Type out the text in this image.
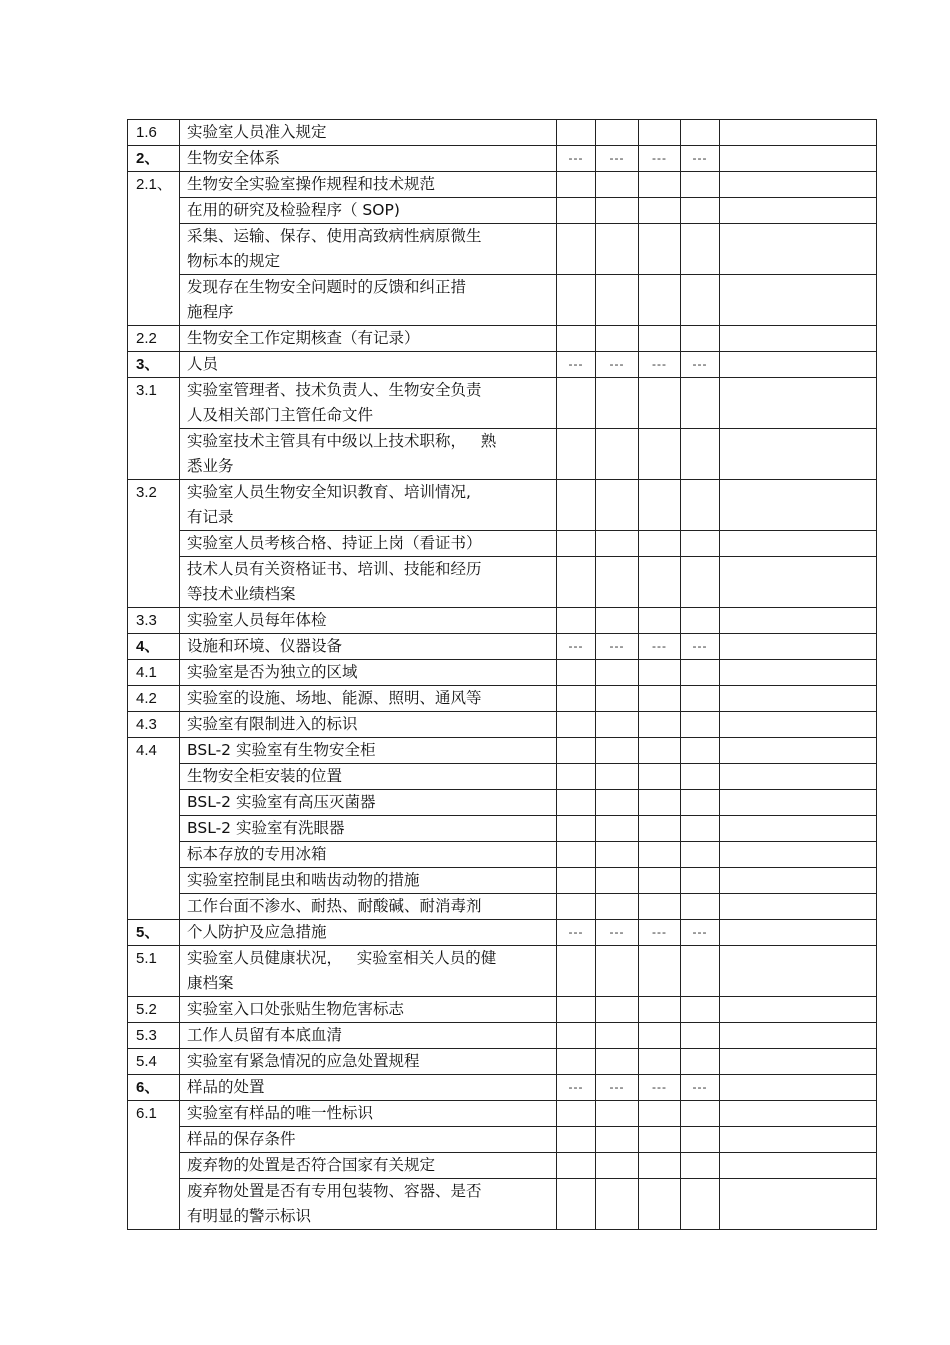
1.6	实验室人员准入规定					
2、	生物安全体系	---	---	---	---	
2.1、	生物安全实验室操作规程和技术规范					
	在用的研究及检验程序（ SOP)					

	采集、运输、保存、使用高致病性病原微生
物标本的规定					

	发现存在生物安全问题时的反馈和纠正措
施程序					

2.2	生物安全工作定期核查（有记录）					
3、	人员	---	---	---	---	
3.1	实验室管理者、技术负责人、生物安全负责
人及相关部门主管任命文件					

	实验室技术主管具有中级以上技术职称，   熟
悉业务					

3.2	实验室人员生物安全知识教育、培训情况,
有记录					

	实验室人员考核合格、持证上岗（看证书）					

	技术人员有关资格证书、培训、技能和经历
等技术业绩档案					

3.3	实验室人员每年体检					
4、	设施和环境、仪器设备	---	---	---	---	
4.1	实验室是否为独立的区域					
4.2	实验室的设施、场地、能源、照明、通风等					
4.3	实验室有限制进入的标识					
4.4	BSL-2 实验室有生物安全柜					
	生物安全柜安装的位置					
	BSL-2 实验室有高压灭菌器					
	BSL-2 实验室有洗眼器					
	标本存放的专用冰箱					
	实验室控制昆虫和啮齿动物的措施					
	工作台面不渗水、耐热、耐酸碱、耐消毒剂					
5、	个人防护及应急措施	---	---	---	---	
5.1	实验室人员健康状况，   实验室相关人员的健
康档案					

5.2	实验室入口处张贴生物危害标志					
5.3	工作人员留有本底血清					
5.4	实验室有紧急情况的应急处置规程					
6、	样品的处置	---	---	---	---	
6.1	实验室有样品的唯一性标识					
	样品的保存条件					
	废弃物的处置是否符合国家有关规定					

	废弃物处置是否有专用包装物、容器、是否
有明显的警示标识					
